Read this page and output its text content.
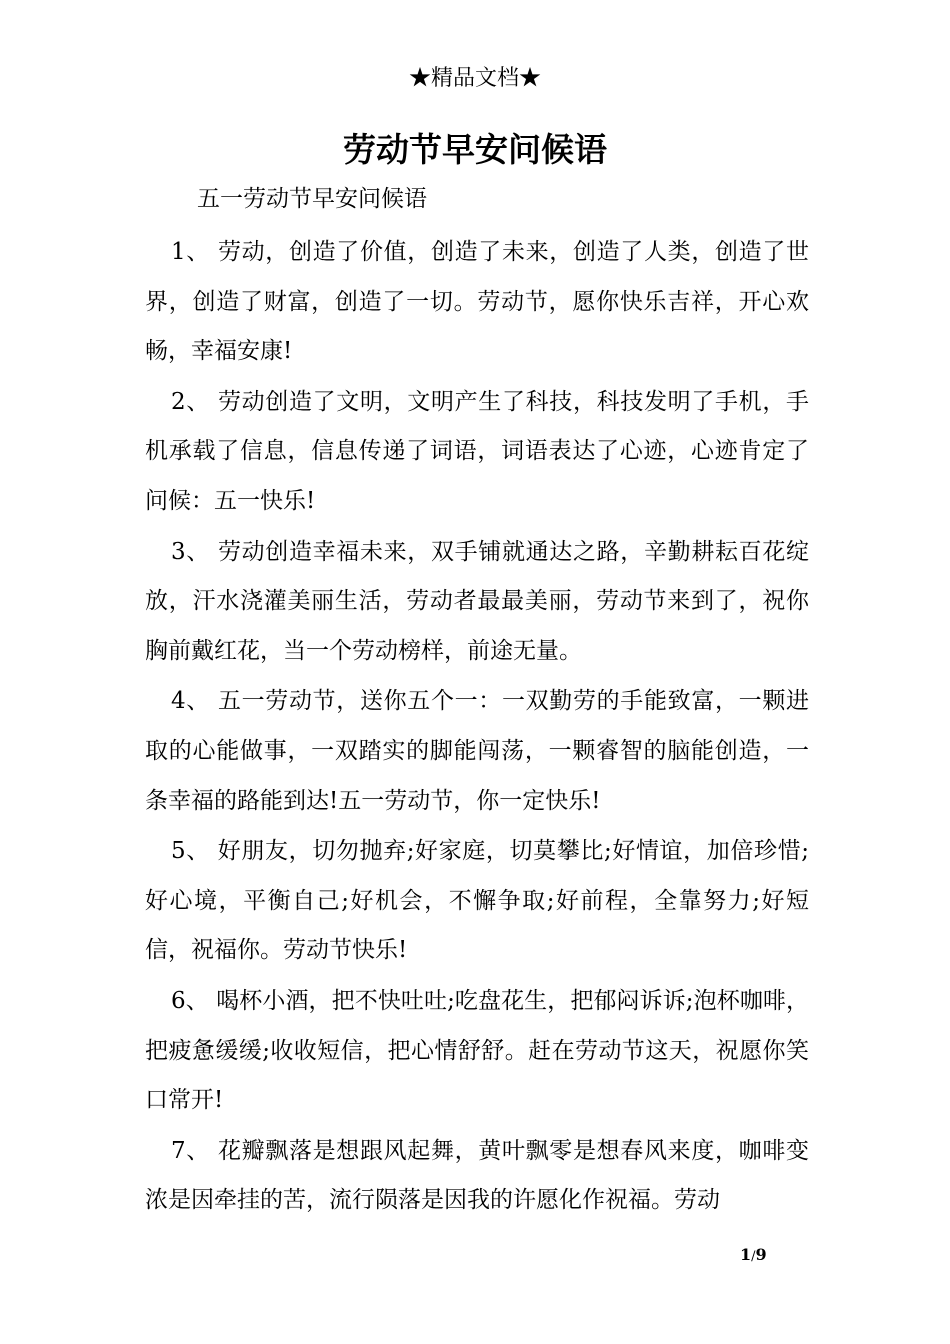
★精品文档★
劳动节早安问候语
五一劳动节早安问候语

1、 劳动，创造了价值，创造了未来，创造了人类，创造了世界，创造了财富，创造了一切。劳动节，愿你快乐吉祥，开心欢畅，幸福安康!

2、 劳动创造了文明，文明产生了科技，科技发明了手机，手机承载了信息，信息传递了词语，词语表达了心迹，心迹肯定了问候：五一快乐!

3、 劳动创造幸福未来，双手铺就通达之路，辛勤耕耘百花绽放，汗水浇灌美丽生活，劳动者最最美丽，劳动节来到了，祝你胸前戴红花，当一个劳动榜样，前途无量。

4、 五一劳动节，送你五个一：一双勤劳的手能致富，一颗进取的心能做事，一双踏实的脚能闯荡，一颗睿智的脑能创造，一条幸福的路能到达!五一劳动节，你一定快乐!

5、 好朋友，切勿抛弃;好家庭，切莫攀比;好情谊，加倍珍惜;好心境，平衡自己;好机会，不懈争取;好前程，全靠努力;好短信，祝福你。劳动节快乐!

6、 喝杯小酒，把不快吐吐;吃盘花生，把郁闷诉诉;泡杯咖啡，把疲惫缓缓;收收短信，把心情舒舒。赶在劳动节这天，祝愿你笑口常开!

7、 花瓣飘落是想跟风起舞，黄叶飘零是想春风来度，咖啡变浓是因牵挂的苦，流行陨落是因我的许愿化作祝福。劳动

1/9
